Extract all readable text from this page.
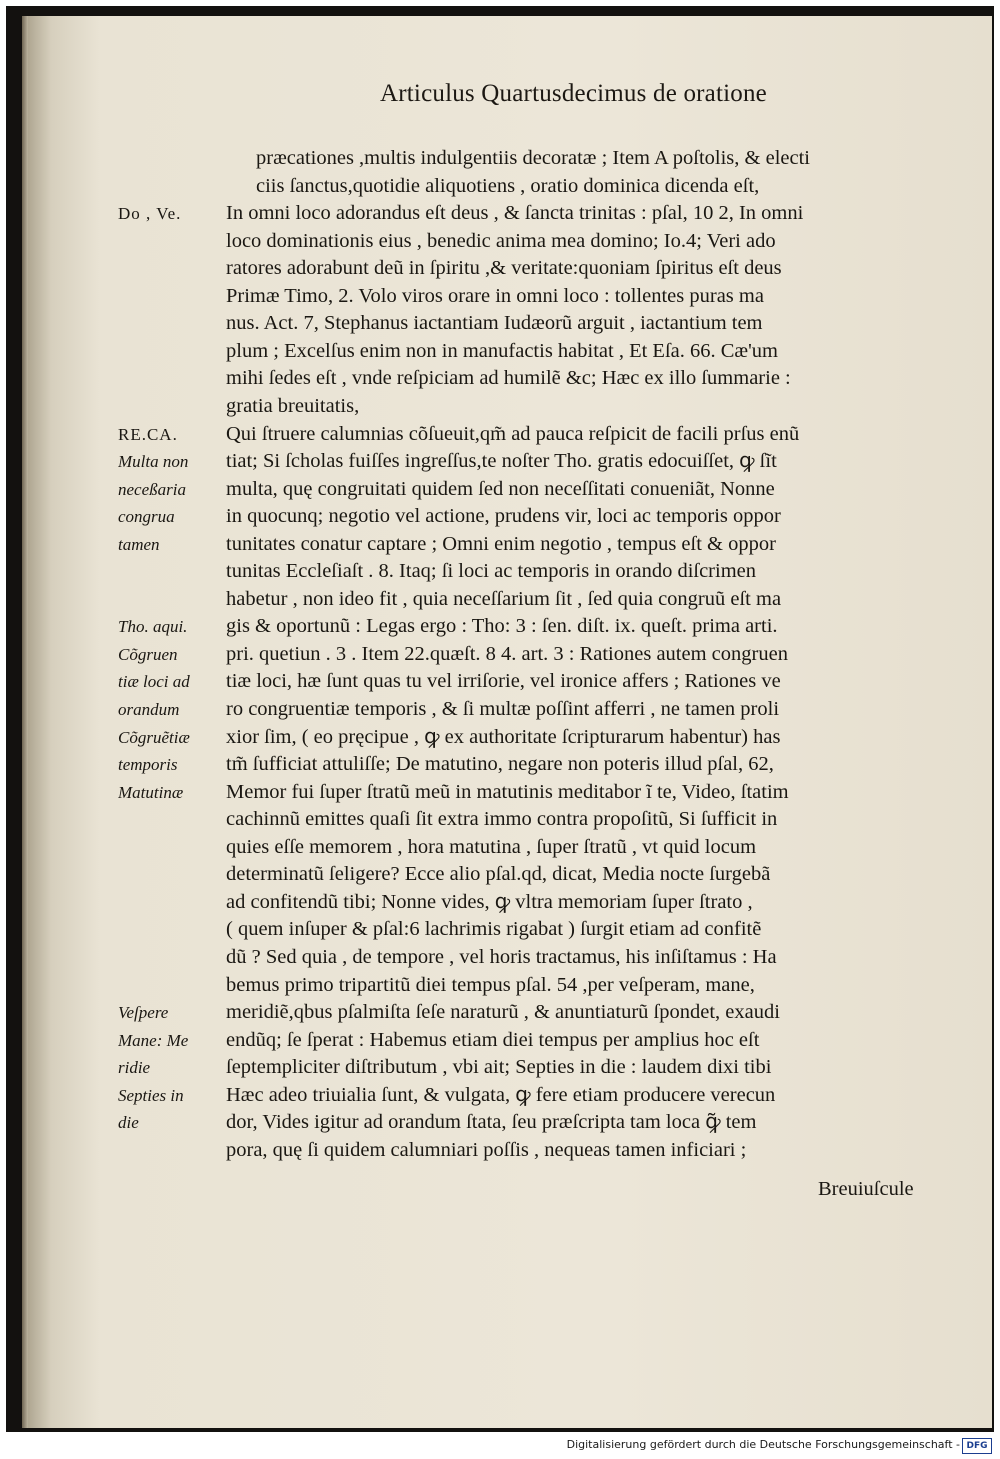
Articulus Quartusdecimus de oratione
præcationes ,multis indulgentiis decoratæ ; Item A poſtolis, & electi
ciis ſanctus,quotidie aliquotiens , oratio dominica dicenda eſt,
In omni loco adorandus eſt deus , & ſancta trinitas : pſal, 10 2, In omni
loco dominationis eius , benedic anima mea domino; Io.4; Veri ado
ratores adorabunt deũ in ſpiritu ,& veritate:quoniam ſpiritus eſt deus
Primæ Timo, 2. Volo viros orare in omni loco : tollentes puras ma
nus. Act. 7, Stephanus iactantiam Iudæorũ arguit , iactantium tem
plum ; Excelſus enim non in manufactis habitat , Et Eſa. 66. Cæ'um
mihi ſedes eſt , vnde reſpiciam ad humilẽ &c; Hæc ex illo ſummarie :
gratia breuitatis,
Qui ſtruere calumnias cõſueuit,qm̃ ad pauca reſpicit de facili prſus enũ
tiat; Si ſcholas fuiſſes ingreſſus,te noſter Tho. gratis edocuiſſet, ꝙ ſĩt
multa, quę congruitati quidem ſed non neceſſitati conueniãt, Nonne
in quocunq; negotio vel actione, prudens vir, loci ac temporis oppor
tunitates conatur captare ; Omni enim negotio , tempus eſt & oppor
tunitas Eccleſiaſt . 8. Itaq; ſi loci ac temporis in orando diſcrimen
habetur , non ideo fit , quia neceſſarium ſit , ſed quia congruũ eſt ma
gis & oportunũ : Legas ergo : Tho: 3 : ſen. diſt. ix. queſt. prima arti.
pri. quetiun . 3 . Item 22.quæſt. 8 4. art. 3 : Rationes autem congruen
tiæ loci, hæ ſunt quas tu vel irriſorie, vel ironice affers ; Rationes ve
ro congruentiæ temporis , & ſi multæ poſſint afferri , ne tamen proli
xior ſim, ( eo pręcipue , ꝙ ex authoritate ſcripturarum habentur) has
tm̃ ſufficiat attuliſſe; De matutino, negare non poteris illud pſal, 62,
Memor fui ſuper ſtratũ meũ in matutinis meditabor ĩ te, Video, ſtatim
cachinnũ emittes quaſi ſit extra immo contra propoſitũ, Si ſufficit in
quies eſſe memorem , hora matutina , ſuper ſtratũ , vt quid locum
determinatũ ſeligere? Ecce alio pſal.qd, dicat, Media nocte ſurgebã
ad confitendũ tibi; Nonne vides, ꝙ vltra memoriam ſuper ſtrato ,
( quem inſuper & pſal:6 lachrimis rigabat ) ſurgit etiam ad confitẽ
dũ ? Sed quia , de tempore , vel horis tractamus, his inſiſtamus : Ha
bemus primo tripartitũ diei tempus pſal. 54 ,per veſperam, mane,
meridiẽ,qbus pſalmiſta ſeſe naraturũ , & anuntiaturũ ſpondet, exaudi
endũq; ſe ſperat : Habemus etiam diei tempus per amplius hoc eſt
ſeptempliciter diſtributum , vbi ait; Septies in die : laudem dixi tibi
Hæc adeo triuialia ſunt, & vulgata, ꝙ fere etiam producere verecun
dor, Vides igitur ad orandum ſtata, ſeu præſcripta tam loca ꝙ̃ tem
pora, quę ſi quidem calumniari poſſis , nequeas tamen inficiari ;
Do , Ve.
RE.CA.
Multa non
neceßaria
congrua
tamen
Tho. aqui.
Cõgruen
tiæ loci ad
orandum
Cõgruẽtiæ
temporis
Matutinæ
Veſpere
Mane: Me
ridie
Septies in
die
Breuiuſcule
Digitalisierung gefördert durch die Deutsche Forschungsgemeinschaft - DFG
